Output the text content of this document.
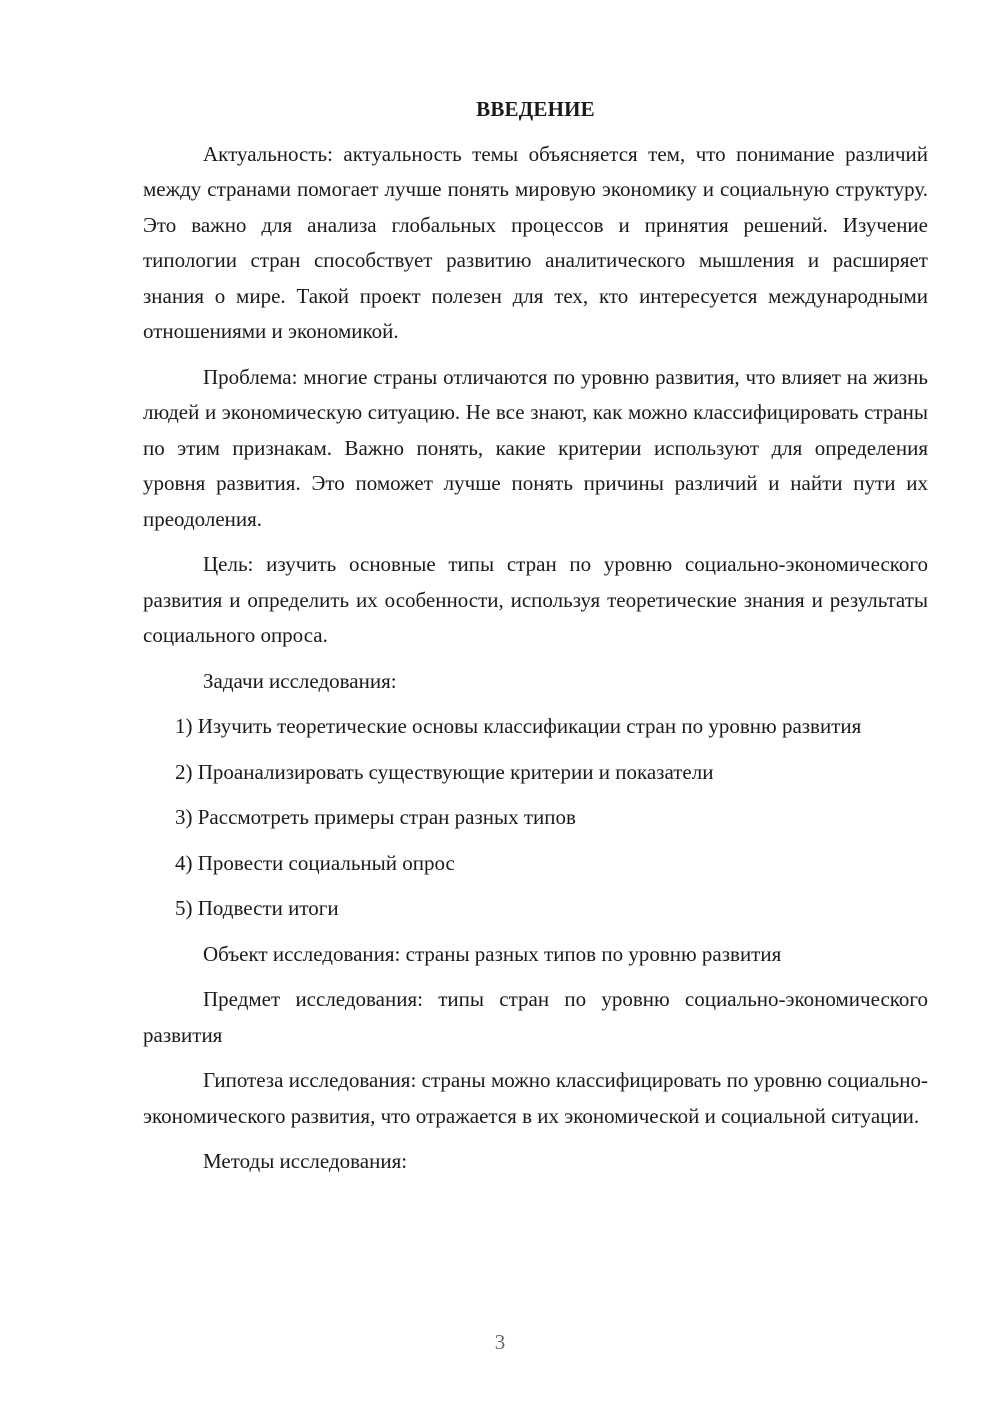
ВВЕДЕНИЕ

Актуальность: актуальность темы объясняется тем, что понимание различий между странами помогает лучше понять мировую экономику и социальную структуру. Это важно для анализа глобальных процессов и принятия решений. Изучение типологии стран способствует развитию аналитического мышления и расширяет знания о мире. Такой проект полезен для тех, кто интересуется международными отношениями и экономикой.

Проблема: многие страны отличаются по уровню развития, что влияет на жизнь людей и экономическую ситуацию. Не все знают, как можно классифицировать страны по этим признакам. Важно понять, какие критерии используют для определения уровня развития. Это поможет лучше понять причины различий и найти пути их преодоления.

Цель: изучить основные типы стран по уровню социально-экономического развития и определить их особенности, используя теоретические знания и результаты социального опроса.

Задачи исследования:

1) Изучить теоретические основы классификации стран по уровню развития

2) Проанализировать существующие критерии и показатели

3) Рассмотреть примеры стран разных типов

4) Провести социальный опрос

5) Подвести итоги

Объект исследования: страны разных типов по уровню развития

Предмет исследования: типы стран по уровню социально-экономического развития

Гипотеза исследования: страны можно классифицировать по уровню социально-экономического развития, что отражается в их экономической и социальной ситуации.

Методы исследования:

3
